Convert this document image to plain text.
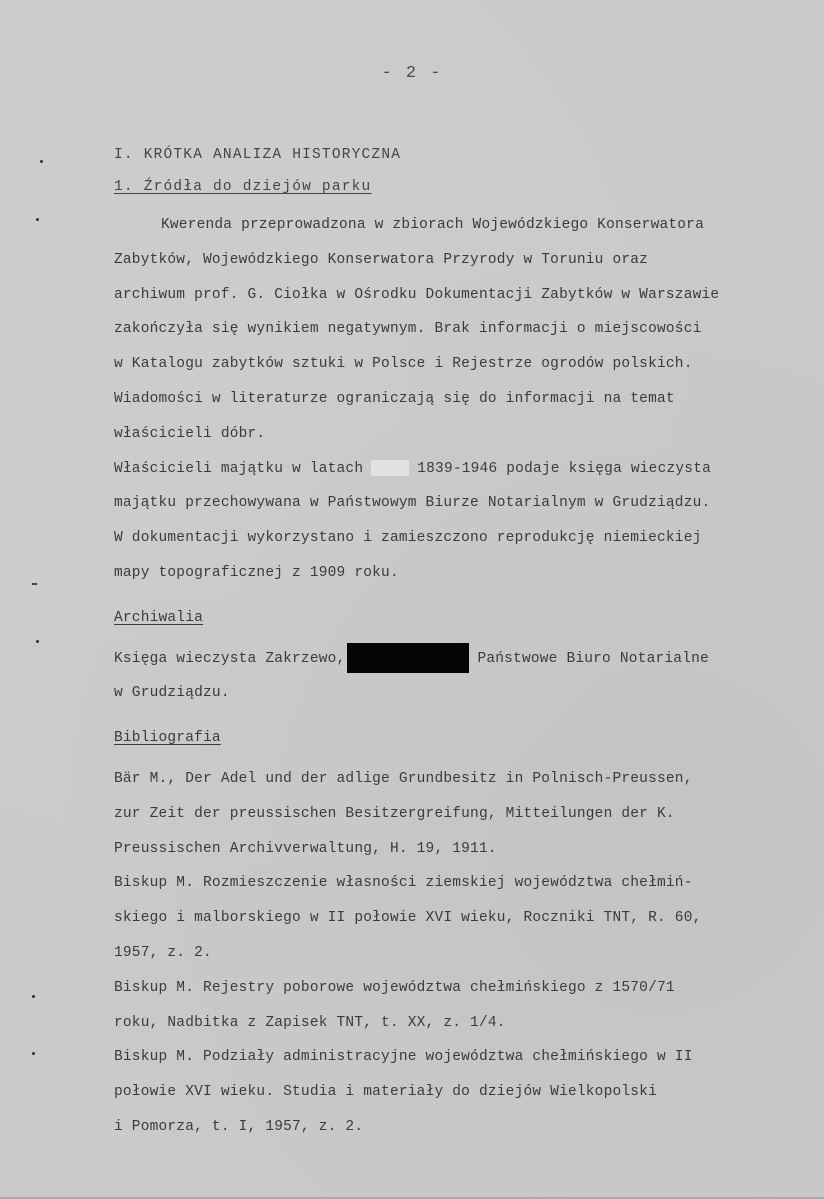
- 2 -
I. KRÓTKA ANALIZA HISTORYCZNA
1. Źródła do dziejów parku
Kwerenda przeprowadzona w zbiorach Wojewódzkiego Konserwatora
Zabytków, Wojewódzkiego Konserwatora Przyrody w Toruniu oraz
archiwum prof. G. Ciołka w Ośrodku Dokumentacji Zabytków w Warszawie
zakończyła się wynikiem negatywnym. Brak informacji o miejscowości
w Katalogu zabytków sztuki w Polsce i Rejestrze ogrodów polskich.
Wiadomości w literaturze ograniczają się do informacji na temat
właścicieli dóbr.
Właścicieli majątku w latach	1839-1946 podaje księga wieczysta
majątku przechowywana w Państwowym Biurze Notarialnym w Grudziądzu.
W dokumentacji wykorzystano i zamieszczono reprodukcję niemieckiej
mapy topograficznej z 1909 roku.
Archiwalia
Księga wieczysta Zakrzewo,	Państwowe Biuro Notarialne
w Grudziądzu.
Bibliografia
Bär M., Der Adel und der adlige Grundbesitz in Polnisch-Preussen,
zur Zeit der preussischen Besitzergreifung, Mitteilungen der K.
Preussischen Archivverwaltung, H. 19, 1911.
Biskup M. Rozmieszczenie własności ziemskiej województwa chełmiń-
skiego i malborskiego w II połowie XVI wieku, Roczniki TNT, R. 60,
1957, z. 2.
Biskup M. Rejestry poborowe województwa chełmińskiego z 1570/71
roku, Nadbitka z Zapisek TNT, t. XX, z. 1/4.
Biskup M. Podziały administracyjne województwa chełmińskiego w II
połowie XVI wieku. Studia i materiały do dziejów Wielkopolski
i Pomorza, t. I, 1957, z. 2.
